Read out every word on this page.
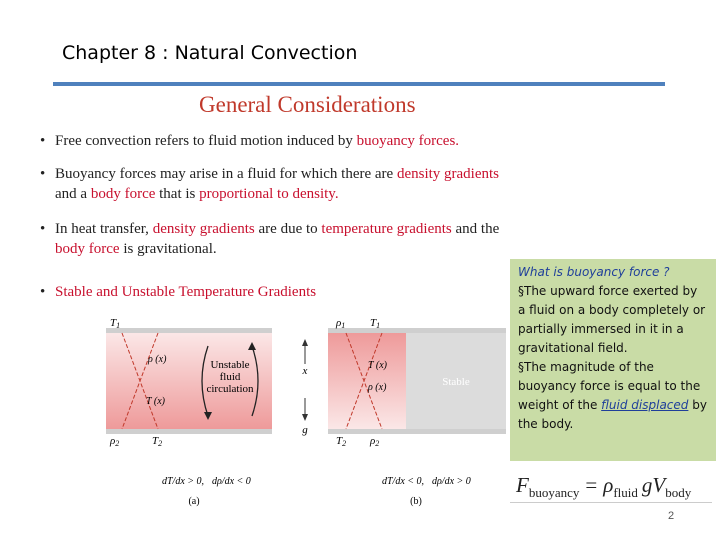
Chapter 8 : Natural Convection
General Considerations
• Free convection refers to fluid motion induced by buoyancy forces.
• Buoyancy forces may arise in a fluid for which there are density gradients
and a body force that is proportional to density.
• In heat transfer, density gradients are due to temperature gradients and the
body force is gravitational.
• Stable and Unstable Temperature Gradients
T1
ρ (x)
T (x)
ρ2	T2
Unstable
fluid
circulation
dT/dx > 0, dρ/dx < 0
(a)
x
g
ρ1 T1
T (x)
ρ (x)
T2 ρ2
Stable
dT/dx < 0, dρ/dx > 0
(b)
What is buoyancy force ?
§The upward force exerted by a fluid on a body completely or partially immersed in it in a gravitational field.
§The magnitude of the buoyancy force is equal to the weight of the fluid displaced by the body.
$F_{buoyancy} = \rho_{fluid}$ $gV_{body}$
2
